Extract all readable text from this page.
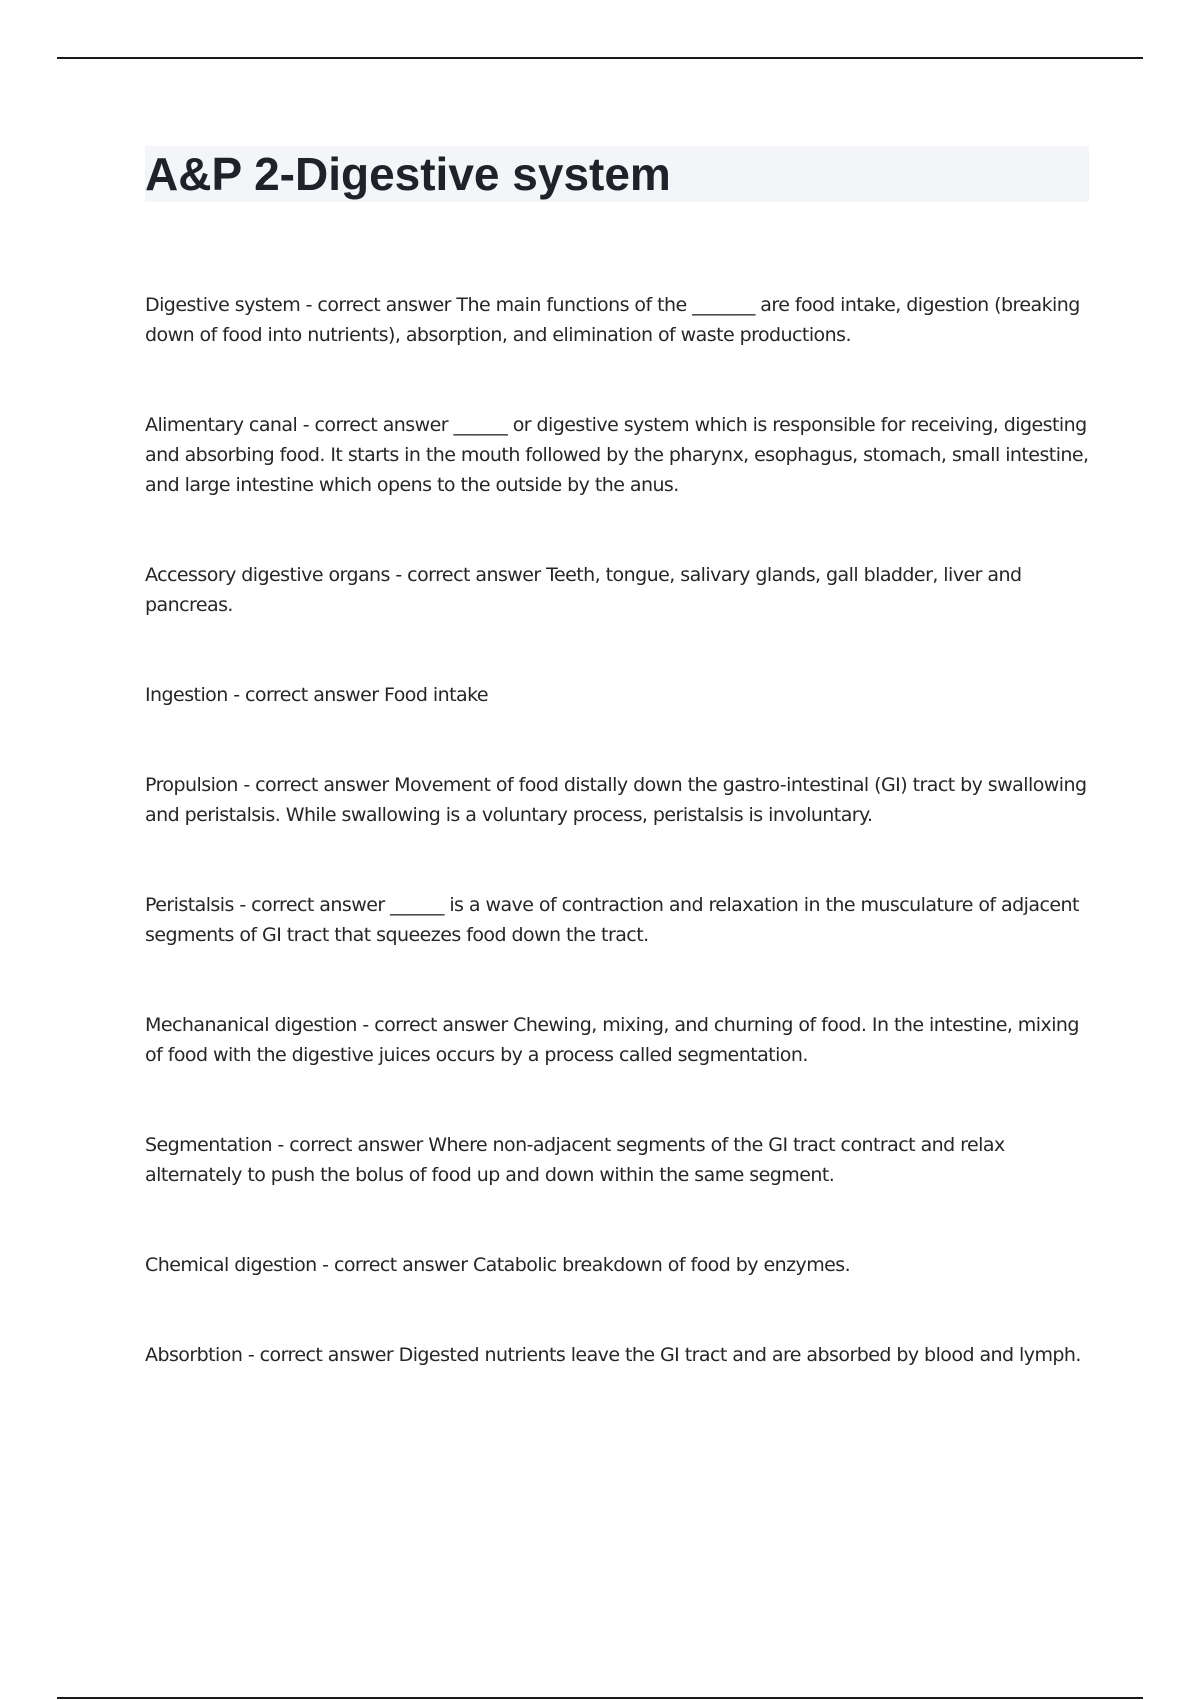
A&P 2-Digestive system
Digestive system - correct answer The main functions of the _______ are food intake, digestion (breaking down of food into nutrients), absorption, and elimination of waste productions.
Alimentary canal - correct answer ______ or digestive system which is responsible for receiving, digesting and absorbing food. It starts in the mouth followed by the pharynx, esophagus, stomach, small intestine, and large intestine which opens to the outside by the anus.
Accessory digestive organs - correct answer Teeth, tongue, salivary glands, gall bladder, liver and pancreas.
Ingestion - correct answer Food intake
Propulsion - correct answer Movement of food distally down the gastro-intestinal (GI) tract by swallowing and peristalsis. While swallowing is a voluntary process, peristalsis is involuntary.
Peristalsis - correct answer ______ is a wave of contraction and relaxation in the musculature of adjacent segments of GI tract that squeezes food down the tract.
Mechananical digestion - correct answer Chewing, mixing, and churning of food. In the intestine, mixing of food with the digestive juices occurs by a process called segmentation.
Segmentation - correct answer Where non-adjacent segments of the GI tract contract and relax alternately to push the bolus of food up and down within the same segment.
Chemical digestion - correct answer Catabolic breakdown of food by enzymes.
Absorbtion - correct answer Digested nutrients leave the GI tract and are absorbed by blood and lymph.
